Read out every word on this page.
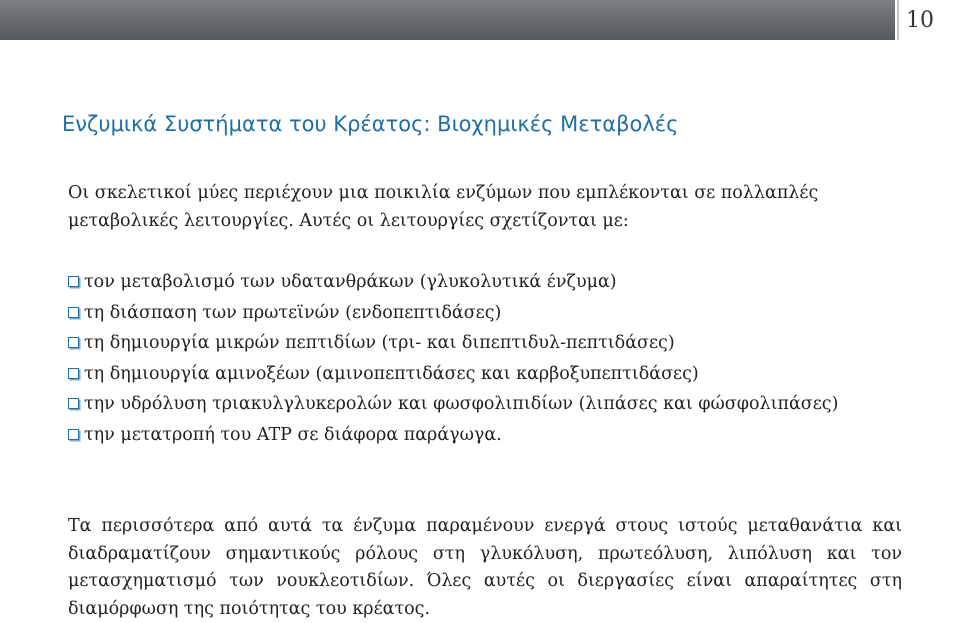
10
Ενζυμικά Συστήματα του Κρέατος: Βιοχημικές Μεταβολές

Οι σκελετικοί μύες περιέχουν μια ποικιλία ενζύμων που εμπλέκονται σε πολλαπλές μεταβολικές λειτουργίες. Αυτές οι λειτουργίες σχετίζονται με:

τον μεταβολισμό των υδατανθράκων (γλυκολυτικά ένζυμα)
τη διάσπαση των πρωτεϊνών (ενδοπεπτιδάσες)
τη δημιουργία μικρών πεπτιδίων (τρι- και διπεπτιδυλ-πεπτιδάσες)
τη δημιουργία αμινοξέων (αμινοπεπτιδάσες και καρβοξυπεπτιδάσες)
την υδρόλυση τριακυλγλυκερολών και φωσφολιπιδίων (λιπάσες και φώσφολιπάσες)
την μετατροπή του ATP σε διάφορα παράγωγα.

Τα περισσότερα από αυτά τα ένζυμα παραμένουν ενεργά στους ιστούς μεταθανάτια και διαδραματίζουν σημαντικούς ρόλους στη γλυκόλυση, πρωτεόλυση, λιπόλυση και τον μετασχηματισμό των νουκλεοτιδίων. Όλες αυτές οι διεργασίες είναι απαραίτητες στη διαμόρφωση της ποιότητας του κρέατος.
